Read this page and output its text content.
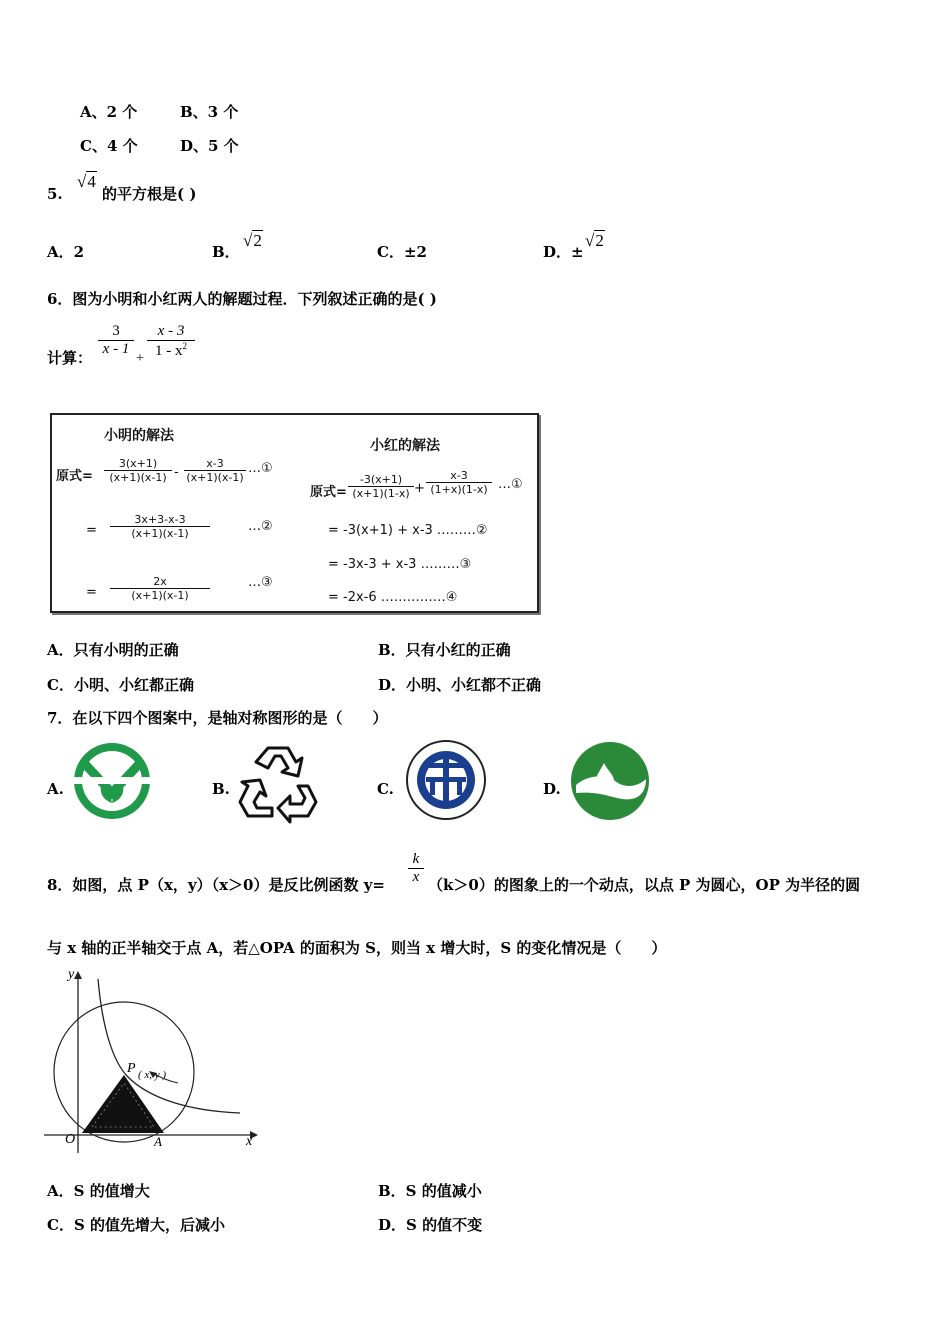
A、2 个	B、3 个
C、4 个	D、5 个
5.
√4
的平方根是( )
A．2	B．
√2
C．±2	D．±
√2
6．图为小明和小红两人的解题过程．下列叙述正确的是( )
计算： $\frac{3}{x - 1}$
+ $\frac{x - 3}{1 - x^2}$
小明的解法
小红的解法
原式=
3(x+1)
(x+1)(x-1) -
x-3
(x+1)(x-1)
…①
=
3x+3-x-3
(x+1)(x-1)	…②
=
2x
(x+1)(x-1)
…③
原式=
-3(x+1)
(x+1)(1-x) +
x-3
(1+x)(1-x) …①
= -3(x+1) + x-3 ………②
= -3x-3 + x-3 ………③
= -2x-6 ……………④
A．只有小明的正确	B．只有小红的正确
C．小明、小红都正确	D．小明、小红都不正确
7．在以下四个图案中，是轴对称图形的是（　　）
A.	B.	C.	D.
8．如图，点 P（x，y）（x＞0）是反比例函数 $y= \frac{k}{x} (k>0)$的图象上的一个动点，以点 P 为圆心，OP 为半径的圆
与 x 轴的正半轴交于点 A，若△OPA 的面积为 S，则当 x 增大时，S 的变化情况是（　　）
y
x
O	A
P ( x, y )
A．S 的值增大	B．S 的值减小
C．S 的值先增大，后减小	D．S 的值不变
